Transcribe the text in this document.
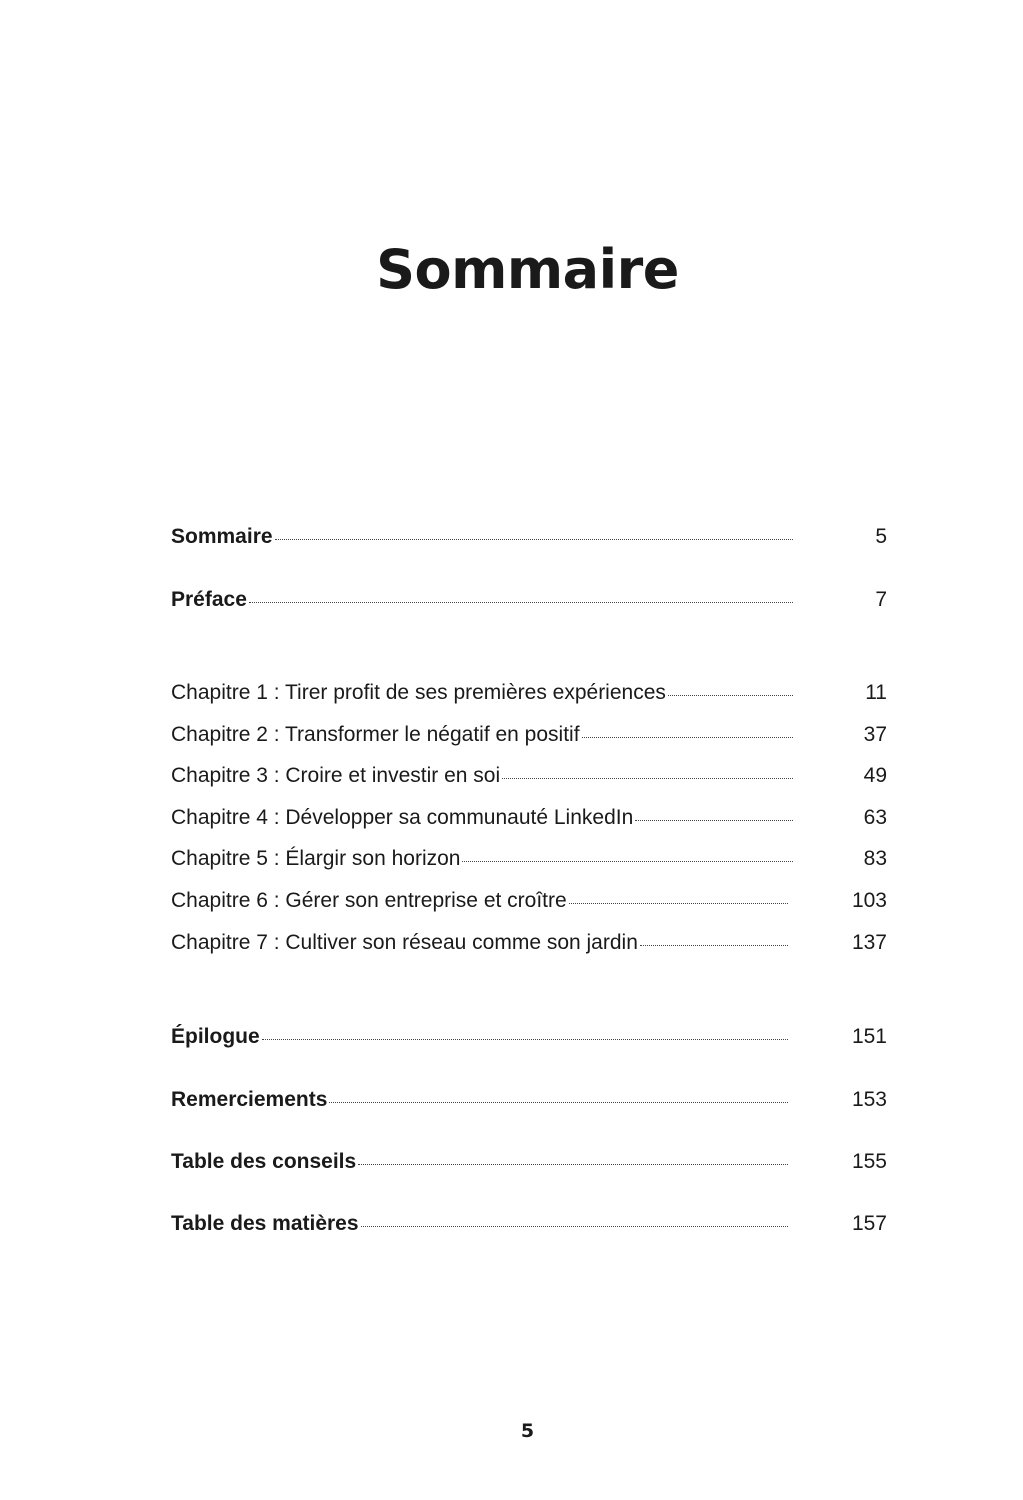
Sommaire
Sommaire	5
Préface	7
Chapitre 1 : Tirer profit de ses premières expériences	11
Chapitre 2 : Transformer le négatif en positif	37
Chapitre 3 : Croire et investir en soi	49
Chapitre 4 : Développer sa communauté LinkedIn	63
Chapitre 5 : Élargir son horizon	83
Chapitre 6 : Gérer son entreprise et croître	103
Chapitre 7 : Cultiver son réseau comme son jardin	137
Épilogue	151
Remerciements	153
Table des conseils	155
Table des matières	157
5
